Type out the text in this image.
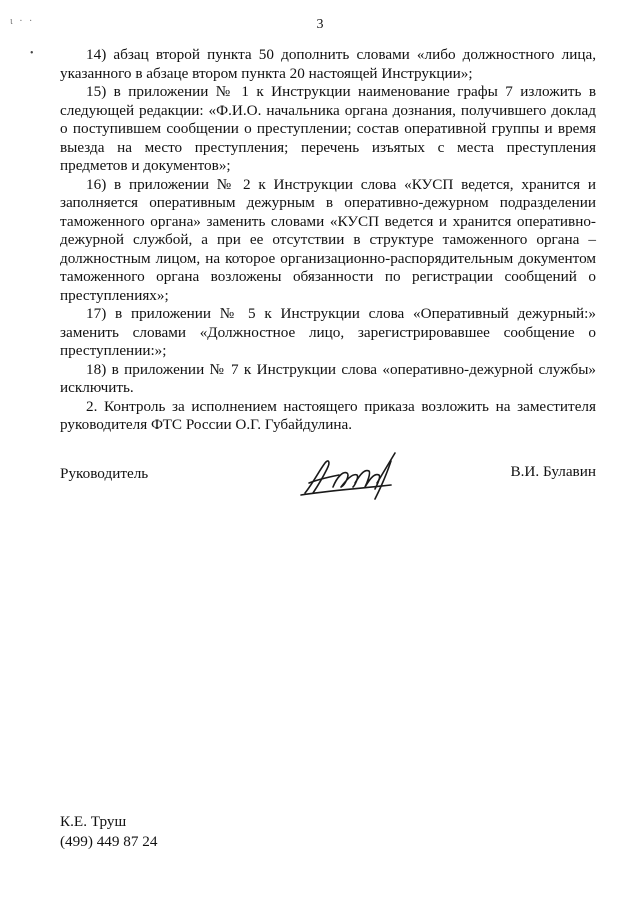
ι · ·
•
3

14) абзац второй пункта 50 дополнить словами «либо должностного лица, указанного в абзаце втором пункта 20 настоящей Инструкции»;

15) в приложении № 1 к Инструкции наименование графы 7 изложить в следующей редакции: «Ф.И.О. начальника органа дознания, получившего доклад о поступившем сообщении о преступлении; состав оперативной группы и время выезда на место преступления; перечень изъятых с места преступления предметов и документов»;

16) в приложении № 2 к Инструкции слова «КУСП ведется, хранится и заполняется оперативным дежурным в оперативно-дежурном подразделении таможенного органа» заменить словами «КУСП ведется и хранится оперативно-дежурной службой, а при ее отсутствии в структуре таможенного органа – должностным лицом, на которое организационно-распорядительным документом таможенного органа возложены обязанности по регистрации сообщений о преступлениях»;

17) в приложении № 5 к Инструкции слова «Оперативный дежурный:» заменить словами «Должностное лицо, зарегистрировавшее сообщение о преступлении:»;

18) в приложении № 7 к Инструкции слова «оперативно-дежурной службы» исключить.

2. Контроль за исполнением настоящего приказа возложить на заместителя руководителя ФТС России О.Г. Губайдулина.

Руководитель	В.И. Булавин
К.Е. Труш
(499) 449 87 24
